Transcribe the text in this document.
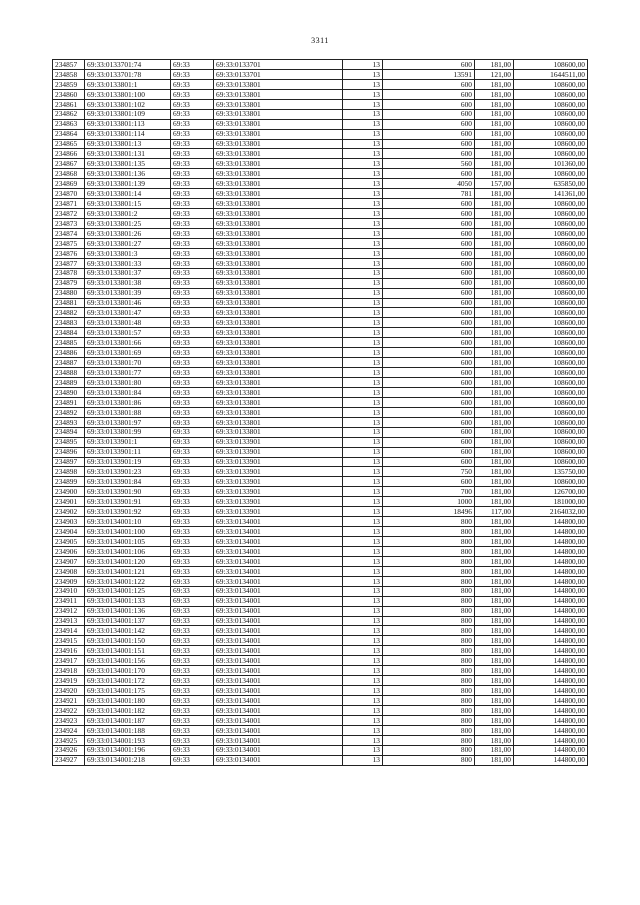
3311
234857	69:33:0133701:74	69:33	69:33:0133701	13	600	181,00	108600,00
234858	69:33:0133701:78	69:33	69:33:0133701	13	13591	121,00	1644511,00
234859	69:33:0133801:1	69:33	69:33:0133801	13	600	181,00	108600,00
234860	69:33:0133801:100	69:33	69:33:0133801	13	600	181,00	108600,00
234861	69:33:0133801:102	69:33	69:33:0133801	13	600	181,00	108600,00
234862	69:33:0133801:109	69:33	69:33:0133801	13	600	181,00	108600,00
234863	69:33:0133801:113	69:33	69:33:0133801	13	600	181,00	108600,00
234864	69:33:0133801:114	69:33	69:33:0133801	13	600	181,00	108600,00
234865	69:33:0133801:13	69:33	69:33:0133801	13	600	181,00	108600,00
234866	69:33:0133801:131	69:33	69:33:0133801	13	600	181,00	108600,00
234867	69:33:0133801:135	69:33	69:33:0133801	13	560	181,00	101360,00
234868	69:33:0133801:136	69:33	69:33:0133801	13	600	181,00	108600,00
234869	69:33:0133801:139	69:33	69:33:0133801	13	4050	157,00	635850,00
234870	69:33:0133801:14	69:33	69:33:0133801	13	781	181,00	141361,00
234871	69:33:0133801:15	69:33	69:33:0133801	13	600	181,00	108600,00
234872	69:33:0133801:2	69:33	69:33:0133801	13	600	181,00	108600,00
234873	69:33:0133801:25	69:33	69:33:0133801	13	600	181,00	108600,00
234874	69:33:0133801:26	69:33	69:33:0133801	13	600	181,00	108600,00
234875	69:33:0133801:27	69:33	69:33:0133801	13	600	181,00	108600,00
234876	69:33:0133801:3	69:33	69:33:0133801	13	600	181,00	108600,00
234877	69:33:0133801:33	69:33	69:33:0133801	13	600	181,00	108600,00
234878	69:33:0133801:37	69:33	69:33:0133801	13	600	181,00	108600,00
234879	69:33:0133801:38	69:33	69:33:0133801	13	600	181,00	108600,00
234880	69:33:0133801:39	69:33	69:33:0133801	13	600	181,00	108600,00
234881	69:33:0133801:46	69:33	69:33:0133801	13	600	181,00	108600,00
234882	69:33:0133801:47	69:33	69:33:0133801	13	600	181,00	108600,00
234883	69:33:0133801:48	69:33	69:33:0133801	13	600	181,00	108600,00
234884	69:33:0133801:57	69:33	69:33:0133801	13	600	181,00	108600,00
234885	69:33:0133801:66	69:33	69:33:0133801	13	600	181,00	108600,00
234886	69:33:0133801:69	69:33	69:33:0133801	13	600	181,00	108600,00
234887	69:33:0133801:70	69:33	69:33:0133801	13	600	181,00	108600,00
234888	69:33:0133801:77	69:33	69:33:0133801	13	600	181,00	108600,00
234889	69:33:0133801:80	69:33	69:33:0133801	13	600	181,00	108600,00
234890	69:33:0133801:84	69:33	69:33:0133801	13	600	181,00	108600,00
234891	69:33:0133801:86	69:33	69:33:0133801	13	600	181,00	108600,00
234892	69:33:0133801:88	69:33	69:33:0133801	13	600	181,00	108600,00
234893	69:33:0133801:97	69:33	69:33:0133801	13	600	181,00	108600,00
234894	69:33:0133801:99	69:33	69:33:0133801	13	600	181,00	108600,00
234895	69:33:0133901:1	69:33	69:33:0133901	13	600	181,00	108600,00
234896	69:33:0133901:11	69:33	69:33:0133901	13	600	181,00	108600,00
234897	69:33:0133901:19	69:33	69:33:0133901	13	600	181,00	108600,00
234898	69:33:0133901:23	69:33	69:33:0133901	13	750	181,00	135750,00
234899	69:33:0133901:84	69:33	69:33:0133901	13	600	181,00	108600,00
234900	69:33:0133901:90	69:33	69:33:0133901	13	700	181,00	126700,00
234901	69:33:0133901:91	69:33	69:33:0133901	13	1000	181,00	181000,00
234902	69:33:0133901:92	69:33	69:33:0133901	13	18496	117,00	2164032,00
234903	69:33:0134001:10	69:33	69:33:0134001	13	800	181,00	144800,00
234904	69:33:0134001:100	69:33	69:33:0134001	13	800	181,00	144800,00
234905	69:33:0134001:105	69:33	69:33:0134001	13	800	181,00	144800,00
234906	69:33:0134001:106	69:33	69:33:0134001	13	800	181,00	144800,00
234907	69:33:0134001:120	69:33	69:33:0134001	13	800	181,00	144800,00
234908	69:33:0134001:121	69:33	69:33:0134001	13	800	181,00	144800,00
234909	69:33:0134001:122	69:33	69:33:0134001	13	800	181,00	144800,00
234910	69:33:0134001:125	69:33	69:33:0134001	13	800	181,00	144800,00
234911	69:33:0134001:133	69:33	69:33:0134001	13	800	181,00	144800,00
234912	69:33:0134001:136	69:33	69:33:0134001	13	800	181,00	144800,00
234913	69:33:0134001:137	69:33	69:33:0134001	13	800	181,00	144800,00
234914	69:33:0134001:142	69:33	69:33:0134001	13	800	181,00	144800,00
234915	69:33:0134001:150	69:33	69:33:0134001	13	800	181,00	144800,00
234916	69:33:0134001:151	69:33	69:33:0134001	13	800	181,00	144800,00
234917	69:33:0134001:156	69:33	69:33:0134001	13	800	181,00	144800,00
234918	69:33:0134001:170	69:33	69:33:0134001	13	800	181,00	144800,00
234919	69:33:0134001:172	69:33	69:33:0134001	13	800	181,00	144800,00
234920	69:33:0134001:175	69:33	69:33:0134001	13	800	181,00	144800,00
234921	69:33:0134001:180	69:33	69:33:0134001	13	800	181,00	144800,00
234922	69:33:0134001:182	69:33	69:33:0134001	13	800	181,00	144800,00
234923	69:33:0134001:187	69:33	69:33:0134001	13	800	181,00	144800,00
234924	69:33:0134001:188	69:33	69:33:0134001	13	800	181,00	144800,00
234925	69:33:0134001:193	69:33	69:33:0134001	13	800	181,00	144800,00
234926	69:33:0134001:196	69:33	69:33:0134001	13	800	181,00	144800,00
234927	69:33:0134001:218	69:33	69:33:0134001	13	800	181,00	144800,00
